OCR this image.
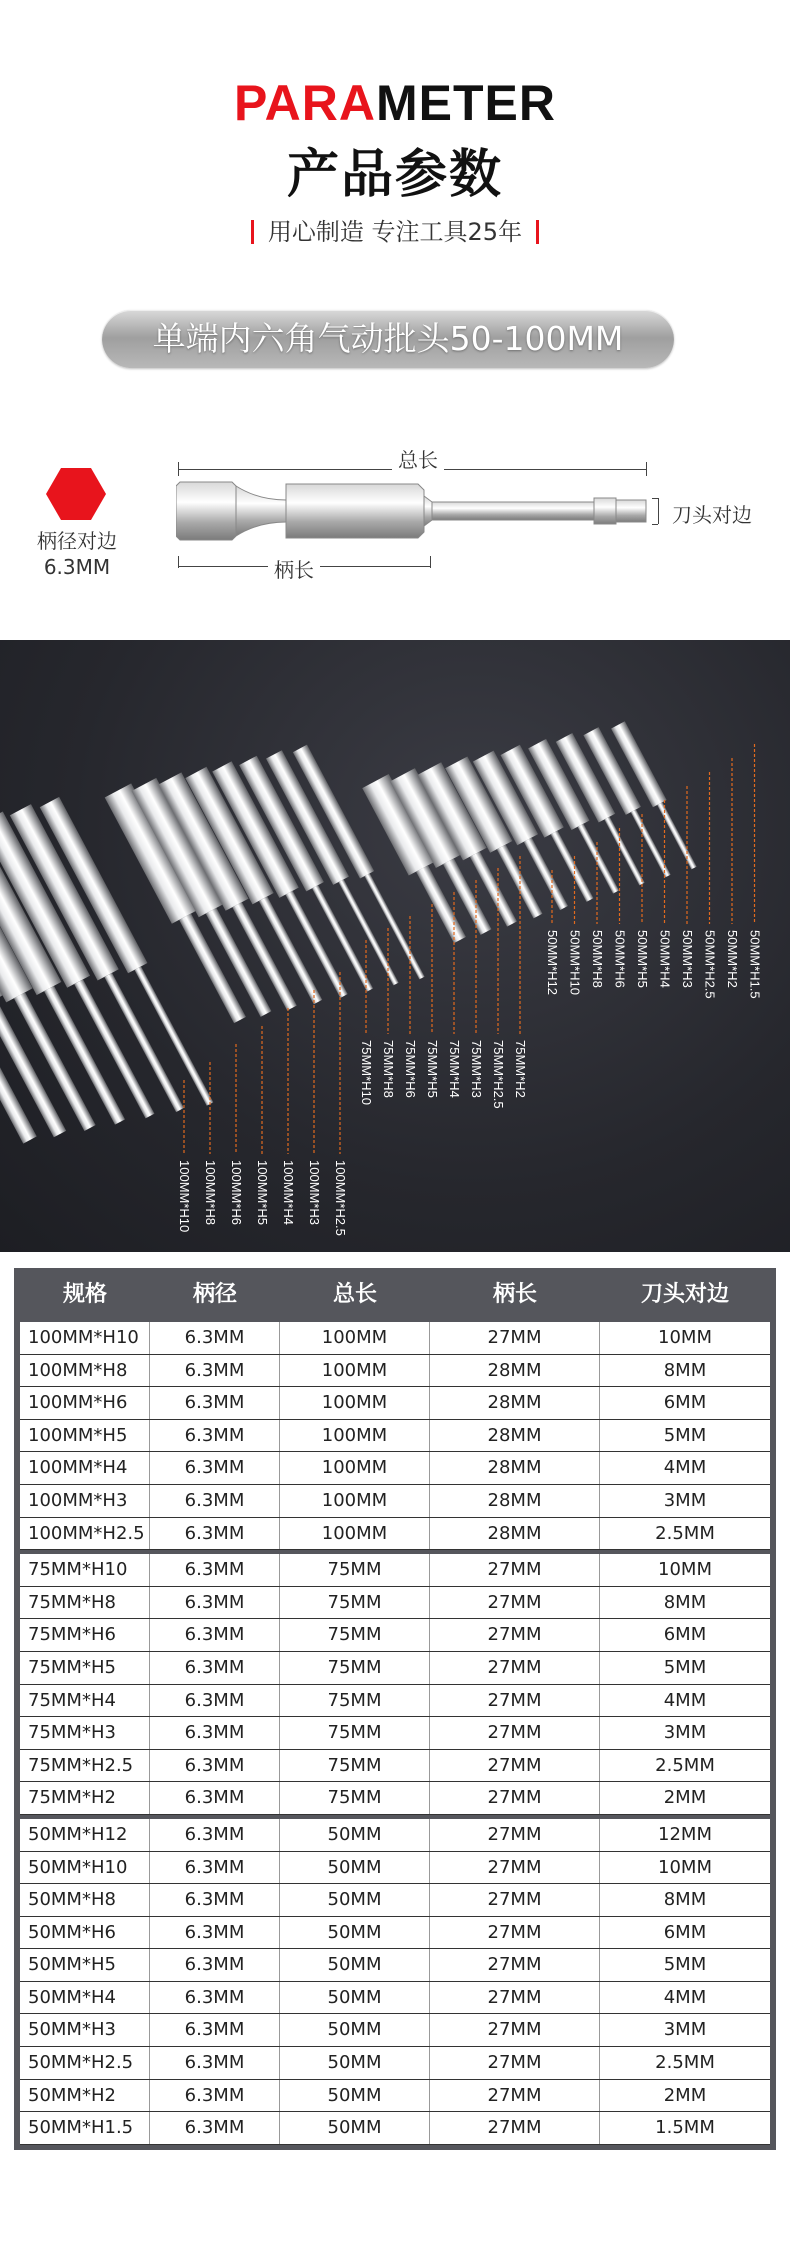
PARAMETER
产品参数
用心制造 专注工具25年
单端内六角气动批头50-100MM
柄径对边
6.3MM
总长
刀头对边
柄长
100MM*H10 100MM*H8 100MM*H6 100MM*H5 100MM*H4 100MM*H3 100MM*H2.5
75MM*H10 75MM*H8 75MM*H6 75MM*H5 75MM*H4 75MM*H3 75MM*H2.5 75MM*H2
50MM*H12 50MM*H10 50MM*H8 50MM*H6 50MM*H5 50MM*H4 50MM*H3 50MM*H2.5 50MM*H2 50MM*H1.5
规格	柄径	总长	柄长	刀头对边
100MM*H10	6.3MM	100MM	27MM	10MM
100MM*H8	6.3MM	100MM	28MM	8MM
100MM*H6	6.3MM	100MM	28MM	6MM
100MM*H5	6.3MM	100MM	28MM	5MM
100MM*H4	6.3MM	100MM	28MM	4MM
100MM*H3	6.3MM	100MM	28MM	3MM
100MM*H2.5	6.3MM	100MM	28MM	2.5MM
75MM*H10	6.3MM	75MM	27MM	10MM
75MM*H8	6.3MM	75MM	27MM	8MM
75MM*H6	6.3MM	75MM	27MM	6MM
75MM*H5	6.3MM	75MM	27MM	5MM
75MM*H4	6.3MM	75MM	27MM	4MM
75MM*H3	6.3MM	75MM	27MM	3MM
75MM*H2.5	6.3MM	75MM	27MM	2.5MM
75MM*H2	6.3MM	75MM	27MM	2MM
50MM*H12	6.3MM	50MM	27MM	12MM
50MM*H10	6.3MM	50MM	27MM	10MM
50MM*H8	6.3MM	50MM	27MM	8MM
50MM*H6	6.3MM	50MM	27MM	6MM
50MM*H5	6.3MM	50MM	27MM	5MM
50MM*H4	6.3MM	50MM	27MM	4MM
50MM*H3	6.3MM	50MM	27MM	3MM
50MM*H2.5	6.3MM	50MM	27MM	2.5MM
50MM*H2	6.3MM	50MM	27MM	2MM
50MM*H1.5	6.3MM	50MM	27MM	1.5MM
